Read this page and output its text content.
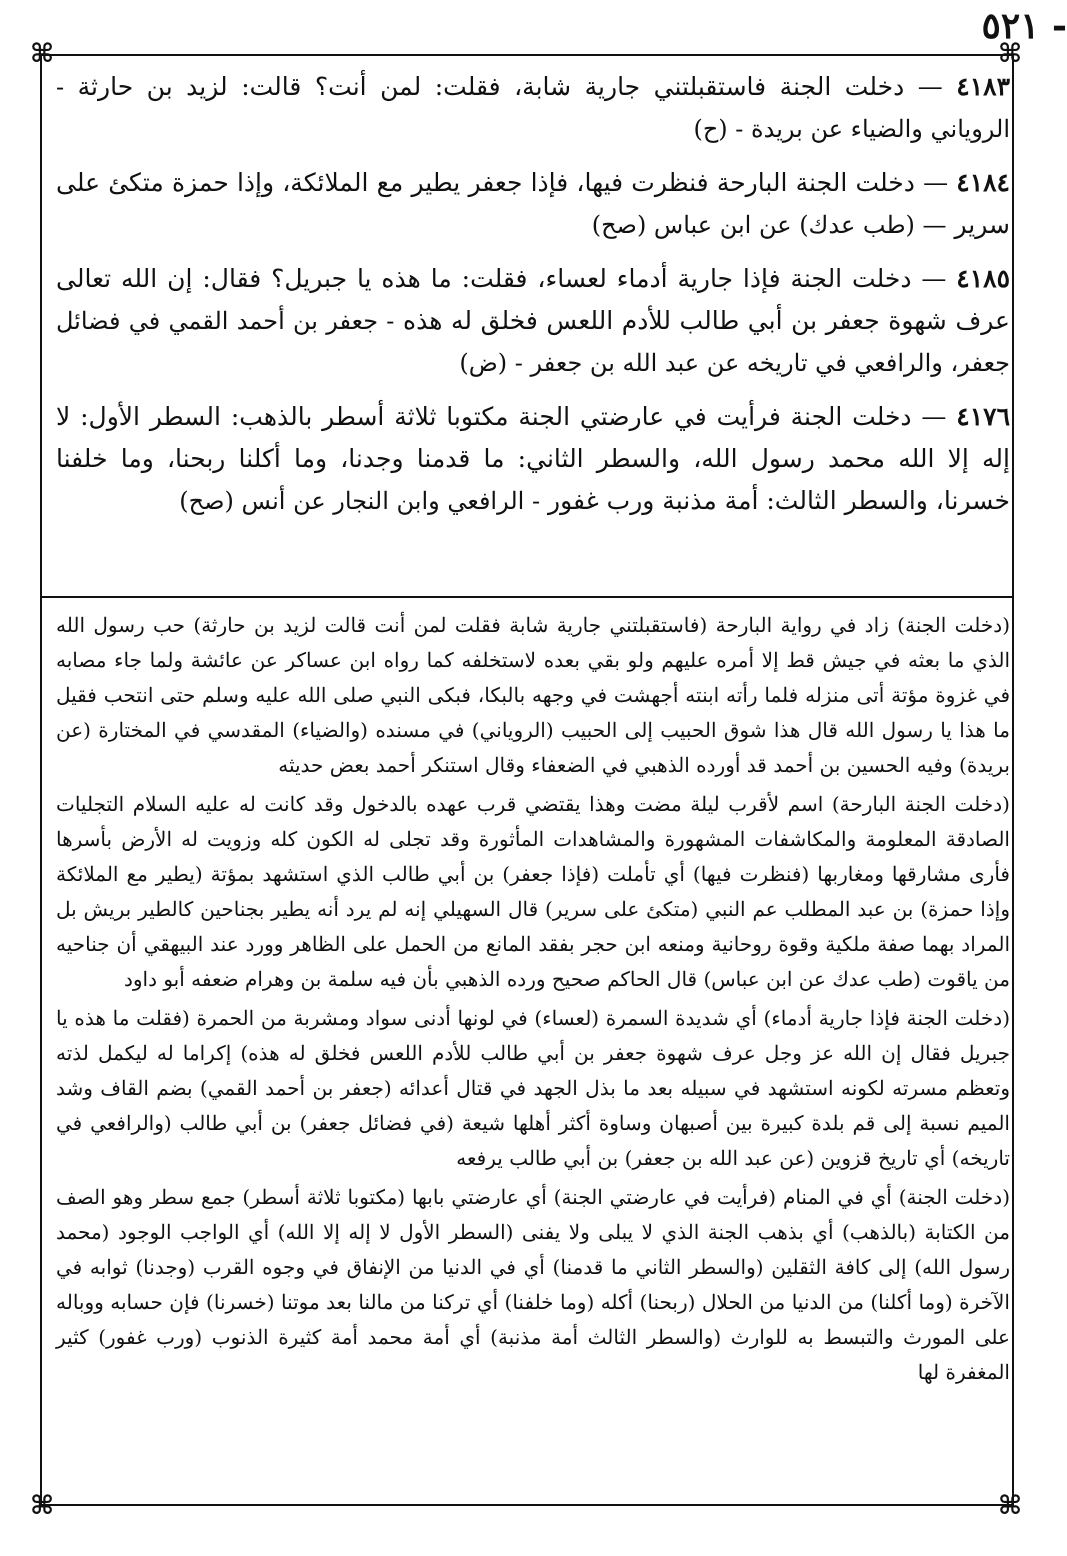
- ٥٢١
⌘	⌘
⌘	⌘

٤١٨٣ — دخلت الجنة فاستقبلتني جارية شابة، فقلت: لمن أنت؟ قالت: لزيد بن حارثة - الروياني والضياء عن بريدة - (ح)

٤١٨٤ — دخلت الجنة البارحة فنظرت فيها، فإذا جعفر يطير مع الملائكة، وإذا حمزة متكئ على سرير — (طب عدك) عن ابن عباس (صح)

٤١٨٥ — دخلت الجنة فإذا جارية أدماء لعساء، فقلت: ما هذه يا جبريل؟ فقال: إن الله تعالى عرف شهوة جعفر بن أبي طالب للأدم اللعس فخلق له هذه - جعفر بن أحمد القمي في فضائل جعفر، والرافعي في تاريخه عن عبد الله بن جعفر - (ض)

٤١٧٦ — دخلت الجنة فرأيت في عارضتي الجنة مكتوبا ثلاثة أسطر بالذهب: السطر الأول: لا إله إلا الله محمد رسول الله، والسطر الثاني: ما قدمنا وجدنا، وما أكلنا ربحنا، وما خلفنا خسرنا، والسطر الثالث: أمة مذنبة ورب غفور - الرافعي وابن النجار عن أنس (صح)

(دخلت الجنة) زاد في رواية البارحة (فاستقبلتني جارية شابة فقلت لمن أنت قالت لزيد بن حارثة) حب رسول الله الذي ما بعثه في جيش قط إلا أمره عليهم ولو بقي بعده لاستخلفه كما رواه ابن عساكر عن عائشة ولما جاء مصابه في غزوة مؤتة أتى منزله فلما رأته ابنته أجهشت في وجهه بالبكا، فبكى النبي صلى الله عليه وسلم حتى انتحب فقيل ما هذا يا رسول الله قال هذا شوق الحبيب إلى الحبيب (الروياني) في مسنده (والضياء) المقدسي في المختارة (عن بريدة) وفيه الحسين بن أحمد قد أورده الذهبي في الضعفاء وقال استنكر أحمد بعض حديثه

(دخلت الجنة البارحة) اسم لأقرب ليلة مضت وهذا يقتضي قرب عهده بالدخول وقد كانت له عليه السلام التجليات الصادقة المعلومة والمكاشفات المشهورة والمشاهدات المأثورة وقد تجلى له الكون كله وزويت له الأرض بأسرها فأرى مشارقها ومغاربها (فنظرت فيها) أي تأملت (فإذا جعفر) بن أبي طالب الذي استشهد بمؤتة (يطير مع الملائكة وإذا حمزة) بن عبد المطلب عم النبي (متكئ على سرير) قال السهيلي إنه لم يرد أنه يطير بجناحين كالطير بريش بل المراد بهما صفة ملكية وقوة روحانية ومنعه ابن حجر بفقد المانع من الحمل على الظاهر وورد عند البيهقي أن جناحيه من ياقوت (طب عدك عن ابن عباس) قال الحاكم صحيح ورده الذهبي بأن فيه سلمة بن وهرام ضعفه أبو داود

(دخلت الجنة فإذا جارية أدماء) أي شديدة السمرة (لعساء) في لونها أدنى سواد ومشربة من الحمرة (فقلت ما هذه يا جبريل فقال إن الله عز وجل عرف شهوة جعفر بن أبي طالب للأدم اللعس فخلق له هذه) إكراما له ليكمل لذته وتعظم مسرته لكونه استشهد في سبيله بعد ما بذل الجهد في قتال أعدائه (جعفر بن أحمد القمي) بضم القاف وشد الميم نسبة إلى قم بلدة كبيرة بين أصبهان وساوة أكثر أهلها شيعة (في فضائل جعفر) بن أبي طالب (والرافعي في تاريخه) أي تاريخ قزوين (عن عبد الله بن جعفر) بن أبي طالب يرفعه

(دخلت الجنة) أي في المنام (فرأيت في عارضتي الجنة) أي عارضتي بابها (مكتوبا ثلاثة أسطر) جمع سطر وهو الصف من الكتابة (بالذهب) أي بذهب الجنة الذي لا يبلى ولا يفنى (السطر الأول لا إله إلا الله) أي الواجب الوجود (محمد رسول الله) إلى كافة الثقلين (والسطر الثاني ما قدمنا) أي في الدنيا من الإنفاق في وجوه القرب (وجدنا) ثوابه في الآخرة (وما أكلنا) من الدنيا من الحلال (ربحنا) أكله (وما خلفنا) أي تركنا من مالنا بعد موتنا (خسرنا) فإن حسابه ووباله على المورث والتبسط به للوارث (والسطر الثالث أمة مذنبة) أي أمة محمد أمة كثيرة الذنوب (ورب غفور) كثير المغفرة لها
